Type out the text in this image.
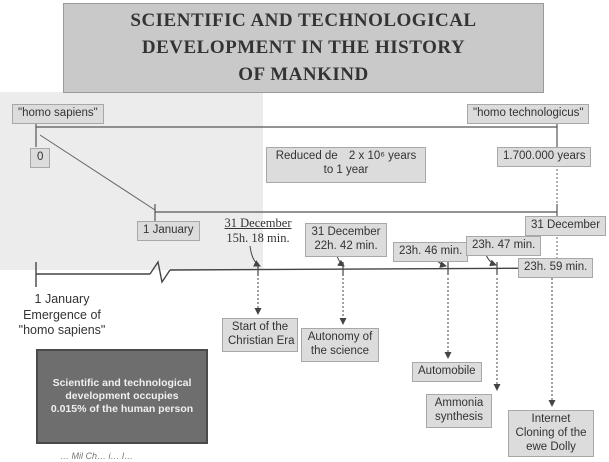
SCIENTIFIC AND TECHNOLOGICAL
DEVELOPMENT IN THE HISTORY
OF MANKIND
"homo sapiens"	"homo technologicus"
0	Reduced de 2 x 10⁶ years
to 1 year
1.700.000 years
1 January	31 December
31 December
15h. 18 min.	31 December
22h. 42 min.	23h. 46 min. 23h. 47 min.
23h. 59 min.
1 January
Emergence of
"homo sapiens"	Start of the
Christian Era	Autonomy of
the science
Automobile
Ammonia
synthesis	Internet
Cloning of the
ewe Dolly
Scientific and technological development occupies 0.015% of the human person
… Mil Ch… i… l…
